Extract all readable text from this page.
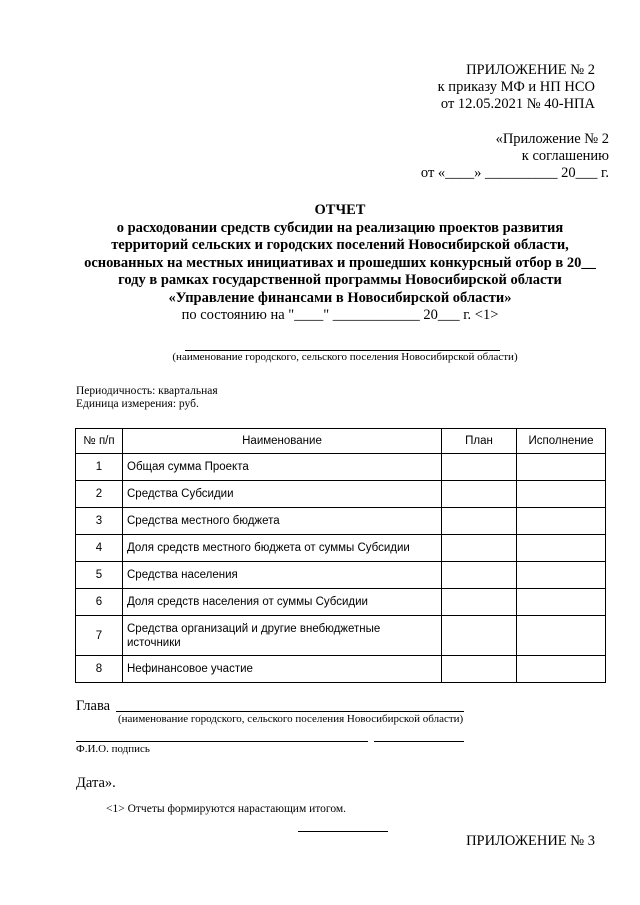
ПРИЛОЖЕНИЕ № 2
к приказу МФ и НП НСО
от 12.05.2021 № 40-НПА
«Приложение № 2
к соглашению
от «____» __________ 20___ г.
ОТЧЕТ
о расходовании средств субсидии на реализацию проектов развития
территорий сельских и городских поселений Новосибирской области,
основанных на местных инициативах и прошедших конкурсный отбор в 20__
году в рамках государственной программы Новосибирской области
«Управление финансами в Новосибирской области»
по состоянию на "____" ____________ 20___ г. <1>
(наименование городского, сельского поселения Новосибирской области)
Периодичность: квартальная
Единица измерения: руб.
№ п/п	Наименование	План	Исполнение
1	Общая сумма Проекта		
2	Средства Субсидии		
3	Средства местного бюджета		
4	Доля средств местного бюджета от суммы Субсидии		
5	Средства населения		
6	Доля средств населения от суммы Субсидии		
7	Средства организаций и другие внебюджетные источники		
8	Нефинансовое участие		
Глава
(наименование городского, сельского поселения Новосибирской области)
Ф.И.О. подпись
Дата».
<1> Отчеты формируются нарастающим итогом.
ПРИЛОЖЕНИЕ № 3
